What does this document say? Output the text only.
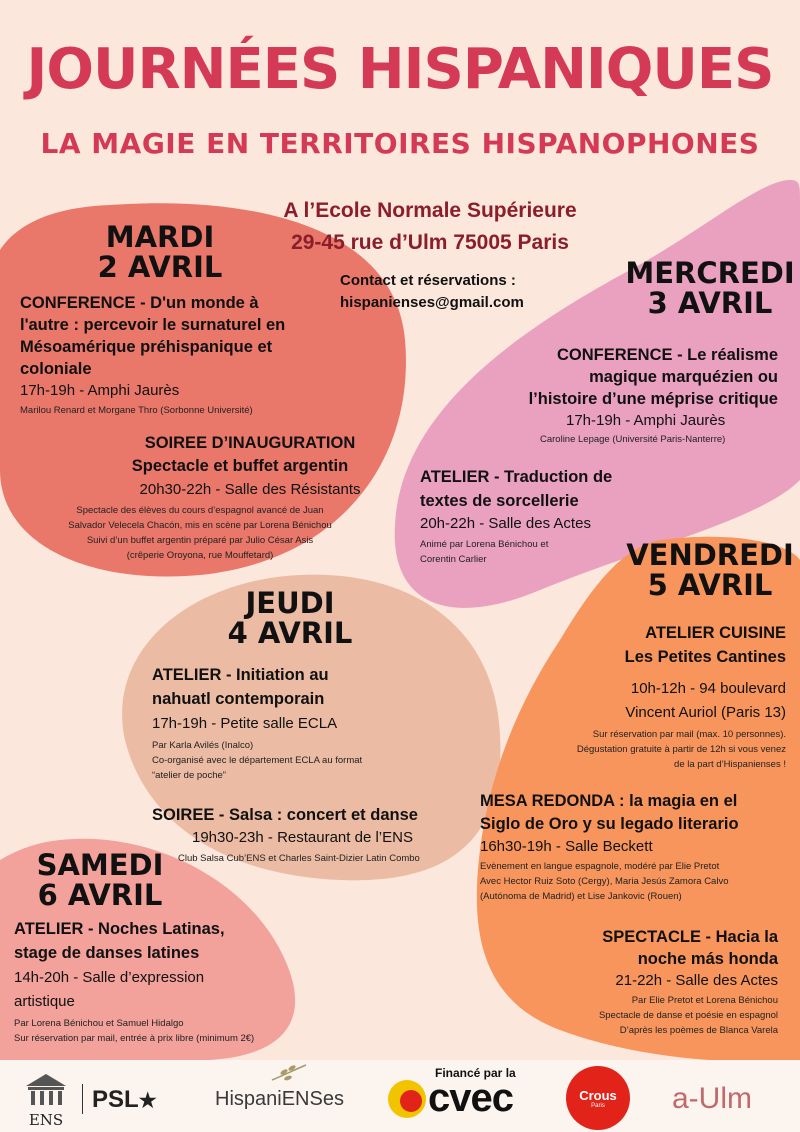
JOURNÉES HISPANIQUES
LA MAGIE EN TERRITOIRES HISPANOPHONES
A l’Ecole Normale Supérieure
29-45 rue d’Ulm 75005 Paris
Contact et réservations :
hispanienses@gmail.com
MARDI
2 AVRIL
CONFERENCE - D'un monde à
l'autre : percevoir le surnaturel en
Mésoamérique préhispanique et
coloniale
17h-19h - Amphi Jaurès
Marilou Renard et Morgane Thro (Sorbonne Université)
SOIREE D’INAUGURATION
Spectacle et buffet argentin
20h30-22h - Salle des Résistants
Spectacle des élèves du cours d’espagnol avancé de Juan
Salvador Velecela Chacón, mis en scène par Lorena Bénichou
Suivi d’un buffet argentin préparé par Julio César Asis
(crêperie Oroyona, rue Mouffetard)
MERCREDI
3 AVRIL
CONFERENCE - Le réalisme
magique marquézien ou
l’histoire d’une méprise critique
17h-19h - Amphi Jaurès
Caroline Lepage (Université Paris-Nanterre)
ATELIER - Traduction de
textes de sorcellerie
20h-22h - Salle des Actes
Animé par Lorena Bénichou et
Corentin Carlier
JEUDI
4 AVRIL
ATELIER - Initiation au
nahuatl contemporain
17h-19h - Petite salle ECLA
Par Karla Avilés (Inalco)
Co-organisé avec le département ECLA au format
“atelier de poche”
SOIREE - Salsa : concert et danse
19h30-23h - Restaurant de l’ENS
Club Salsa Cub’ENS et Charles Saint-Dizier Latin Combo
VENDREDI
5 AVRIL
ATELIER CUISINE
Les Petites Cantines
10h-12h - 94 boulevard
Vincent Auriol (Paris 13)
Sur réservation par mail (max. 10 personnes).
Dégustation gratuite à partir de 12h si vous venez
de la part d’Hispanienses !
MESA REDONDA : la magia en el
Siglo de Oro y su legado literario
16h30-19h - Salle Beckett
Evènement en langue espagnole, modéré par Elie Pretot
Avec Hector Ruiz Soto (Cergy), Maria Jesús Zamora Calvo
(Autónoma de Madrid) et Lise Jankovic (Rouen)
SPECTACLE - Hacia la
noche más honda
21-22h - Salle des Actes
Par Elie Pretot et Lorena Bénichou
Spectacle de danse et poésie en espagnol
D’après les poèmes de Blanca Varela
SAMEDI
6 AVRIL
ATELIER - Noches Latinas,
stage de danses latines
14h-20h - Salle d’expression
artistique
Par Lorena Bénichou et Samuel Hidalgo
Sur réservation par mail, entrée à prix libre (minimum 2€)
ENS
PSL★	HispaniENSes
Financé par la
cvec	Crous
Paris	a-Ulm
